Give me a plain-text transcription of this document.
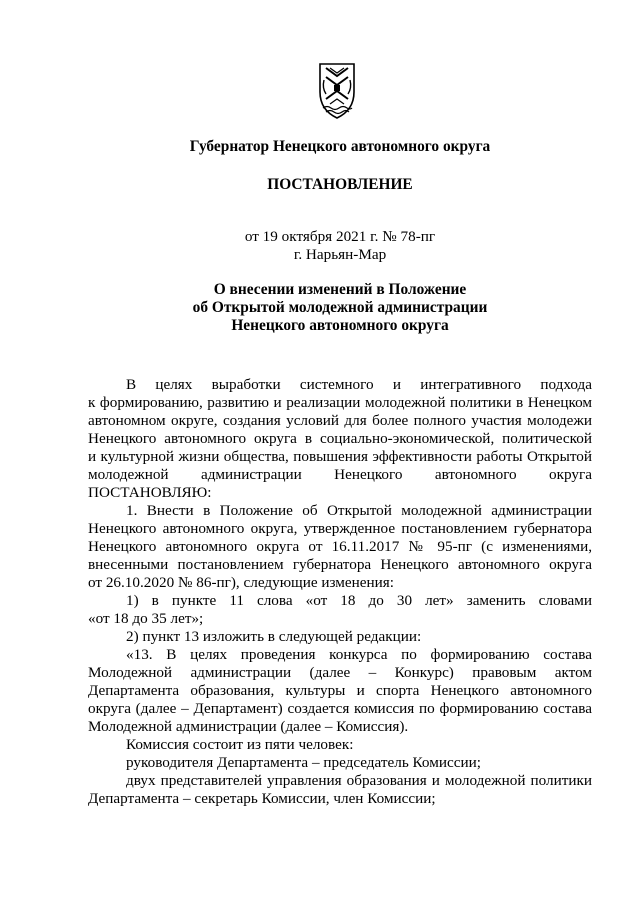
Губернатор Ненецкого автономного округа
ПОСТАНОВЛЕНИЕ
от 19 октября 2021 г. № 78-пг
г. Нарьян-Мар
О внесении изменений в Положение
об Открытой молодежной администрации
Ненецкого автономного округа
В целях выработки системного и интегративного подхода
к формированию, развитию и реализации молодежной политики в Ненецком
автономном округе, создания условий для более полного участия молодежи
Ненецкого автономного округа в социально-экономической, политической
и культурной жизни общества, повышения эффективности работы Открытой
молодежной администрации Ненецкого автономного округа
ПОСТАНОВЛЯЮ:
1. Внести в Положение об Открытой молодежной администрации
Ненецкого автономного округа, утвержденное постановлением губернатора
Ненецкого автономного округа от 16.11.2017 № 95-пг (с изменениями,
внесенными постановлением губернатора Ненецкого автономного округа
от 26.10.2020 № 86-пг), следующие изменения:
1) в пункте 11 слова «от 18 до 30 лет» заменить словами
«от 18 до 35 лет»;
2) пункт 13 изложить в следующей редакции:
«13. В целях проведения конкурса по формированию состава
Молодежной администрации (далее – Конкурс) правовым актом
Департамента образования, культуры и спорта Ненецкого автономного
округа (далее – Департамент) создается комиссия по формированию состава
Молодежной администрации (далее – Комиссия).
Комиссия состоит из пяти человек:
руководителя Департамента – председатель Комиссии;
двух представителей управления образования и молодежной политики
Департамента – секретарь Комиссии, член Комиссии;
